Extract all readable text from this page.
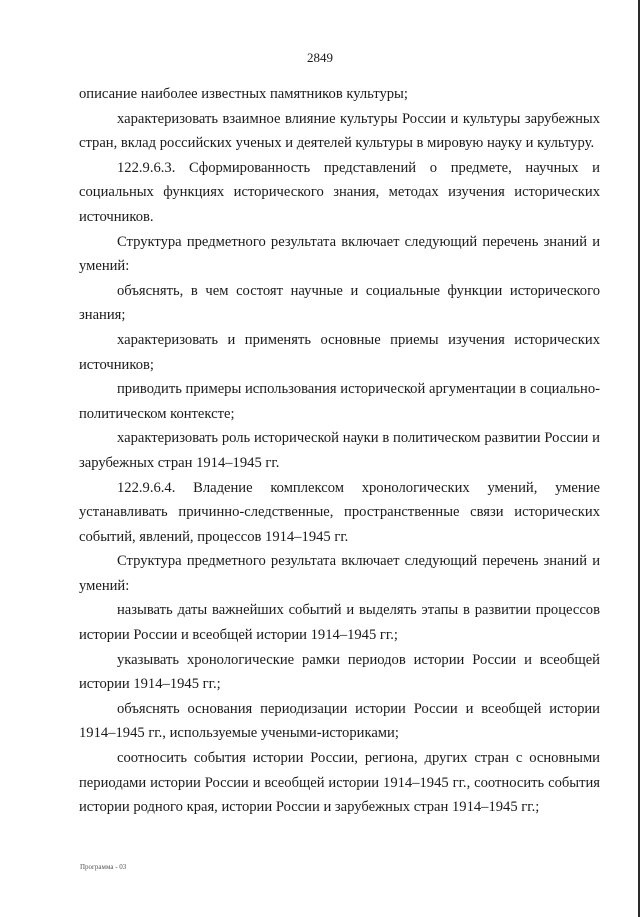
2849

описание наиболее известных памятников культуры;

характеризовать взаимное влияние культуры России и культуры зарубежных стран, вклад российских ученых и деятелей культуры в мировую науку и культуру.

122.9.6.3. Сформированность представлений о предмете, научных и социальных функциях исторического знания, методах изучения исторических источников.

Структура предметного результата включает следующий перечень знаний и умений:

объяснять, в чем состоят научные и социальные функции исторического знания;

характеризовать и применять основные приемы изучения исторических источников;

приводить примеры использования исторической аргументации в социально-политическом контексте;

характеризовать роль исторической науки в политическом развитии России и зарубежных стран 1914–1945 гг.

122.9.6.4. Владение комплексом хронологических умений, умение устанавливать причинно-следственные, пространственные связи исторических событий, явлений, процессов 1914–1945 гг.

Структура предметного результата включает следующий перечень знаний и умений:

называть даты важнейших событий и выделять этапы в развитии процессов истории России и всеобщей истории 1914–1945 гг.;

указывать хронологические рамки периодов истории России и всеобщей истории 1914–1945 гг.;

объяснять основания периодизации истории России и всеобщей истории 1914–1945 гг., используемые учеными-историками;

соотносить события истории России, региона, других стран с основными периодами истории России и всеобщей истории 1914–1945 гг., соотносить события истории родного края, истории России и зарубежных стран 1914–1945 гг.;

Программа - 03
